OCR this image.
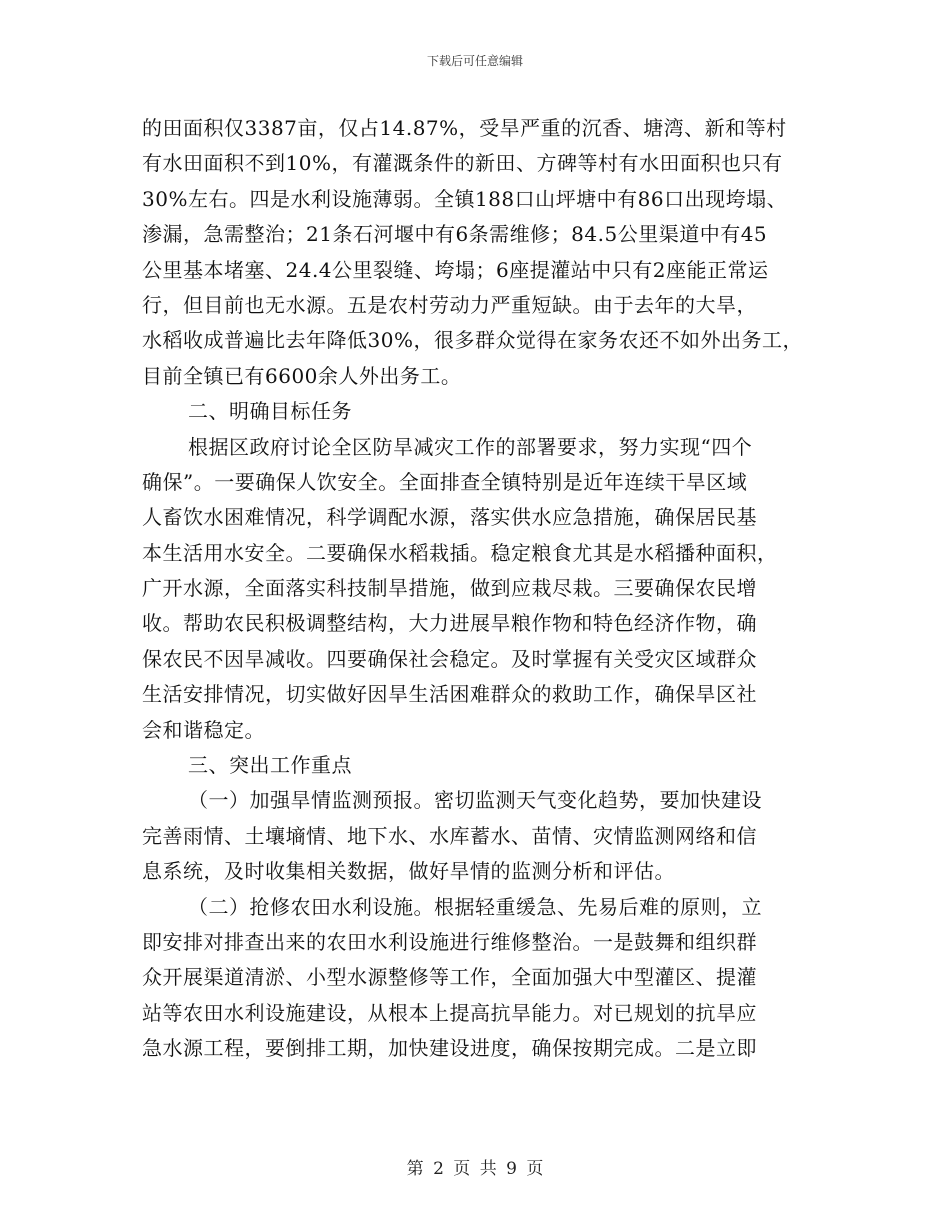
下载后可任意编辑
的田面积仅3387亩，仅占14.87%，受旱严重的沉香、塘湾、新和等村
有水田面积不到10%，有灌溉条件的新田、方碑等村有水田面积也只有
30%左右。四是水利设施薄弱。全镇188口山坪塘中有86口出现垮塌、
渗漏，急需整治；21条石河堰中有6条需维修；84.5公里渠道中有45
公里基本堵塞、24.4公里裂缝、垮塌；6座提灌站中只有2座能正常运
行，但目前也无水源。五是农村劳动力严重短缺。由于去年的大旱，
水稻收成普遍比去年降低30%，很多群众觉得在家务农还不如外出务工，
目前全镇已有6600余人外出务工。
二、明确目标任务
根据区政府讨论全区防旱减灾工作的部署要求，努力实现“四个
确保”。一要确保人饮安全。全面排查全镇特别是近年连续干旱区域
人畜饮水困难情况，科学调配水源，落实供水应急措施，确保居民基
本生活用水安全。二要确保水稻栽插。稳定粮食尤其是水稻播种面积，
广开水源，全面落实科技制旱措施，做到应栽尽栽。三要确保农民增
收。帮助农民积极调整结构，大力进展旱粮作物和特色经济作物，确
保农民不因旱减收。四要确保社会稳定。及时掌握有关受灾区域群众
生活安排情况，切实做好因旱生活困难群众的救助工作，确保旱区社
会和谐稳定。
三、突出工作重点
（一）加强旱情监测预报。密切监测天气变化趋势，要加快建设
完善雨情、土壤墒情、地下水、水库蓄水、苗情、灾情监测网络和信
息系统，及时收集相关数据，做好旱情的监测分析和评估。
（二）抢修农田水利设施。根据轻重缓急、先易后难的原则，立
即安排对排查出来的农田水利设施进行维修整治。一是鼓舞和组织群
众开展渠道清淤、小型水源整修等工作，全面加强大中型灌区、提灌
站等农田水利设施建设，从根本上提高抗旱能力。对已规划的抗旱应
急水源工程，要倒排工期，加快建设进度，确保按期完成。二是立即
第 2 页 共 9 页
